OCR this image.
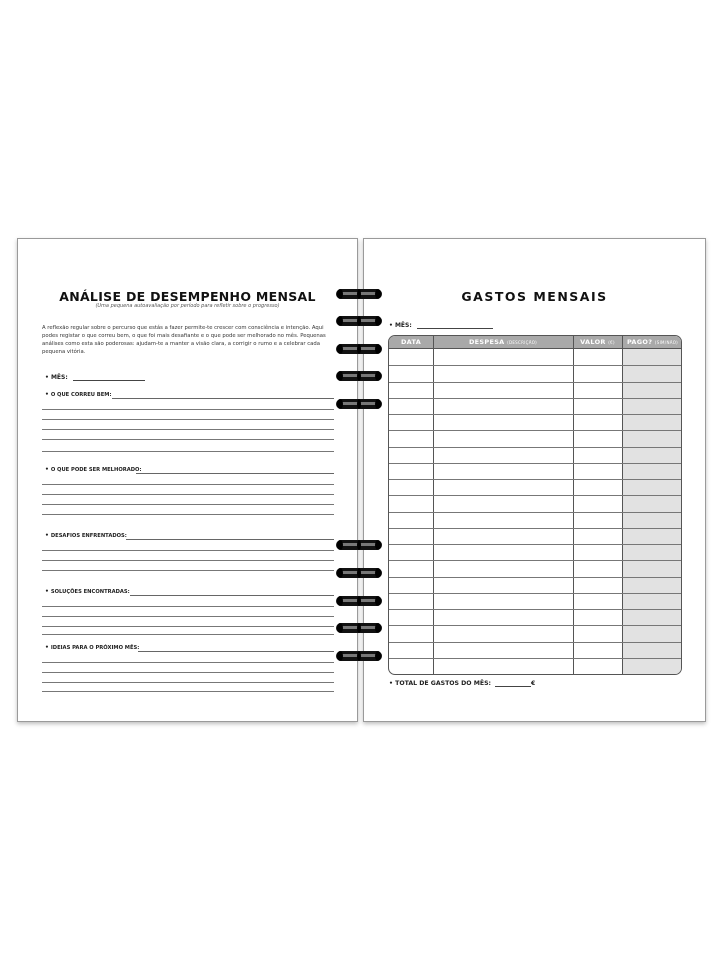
ANÁLISE DE DESEMPENHO MENSAL
(Uma pequena autoavaliação por período para refletir sobre o progresso)
A reflexão regular sobre o percurso que estás a fazer permite-te crescer com consciência e intenção. Aqui podes registar o que correu bem, o que foi mais desafiante e o que pode ser melhorado no mês. Pequenas análises como esta são poderosas: ajudam-te a manter a visão clara, a corrigir o rumo e a celebrar cada pequena vitória.
• MÊS:
• O QUE CORREU BEM:
• O QUE PODE SER MELHORADO:
• DESAFIOS ENFRENTADOS:
• SOLUÇÕES ENCONTRADAS:
• IDEIAS PARA O PRÓXIMO MÊS:
GASTOS MENSAIS
• MÊS:
DATA	DESPESA (DESCRIÇÃO)	VALOR (€)	PAGO? (SIM/NÃO)
• TOTAL DE GASTOS DO MÊS:	€
